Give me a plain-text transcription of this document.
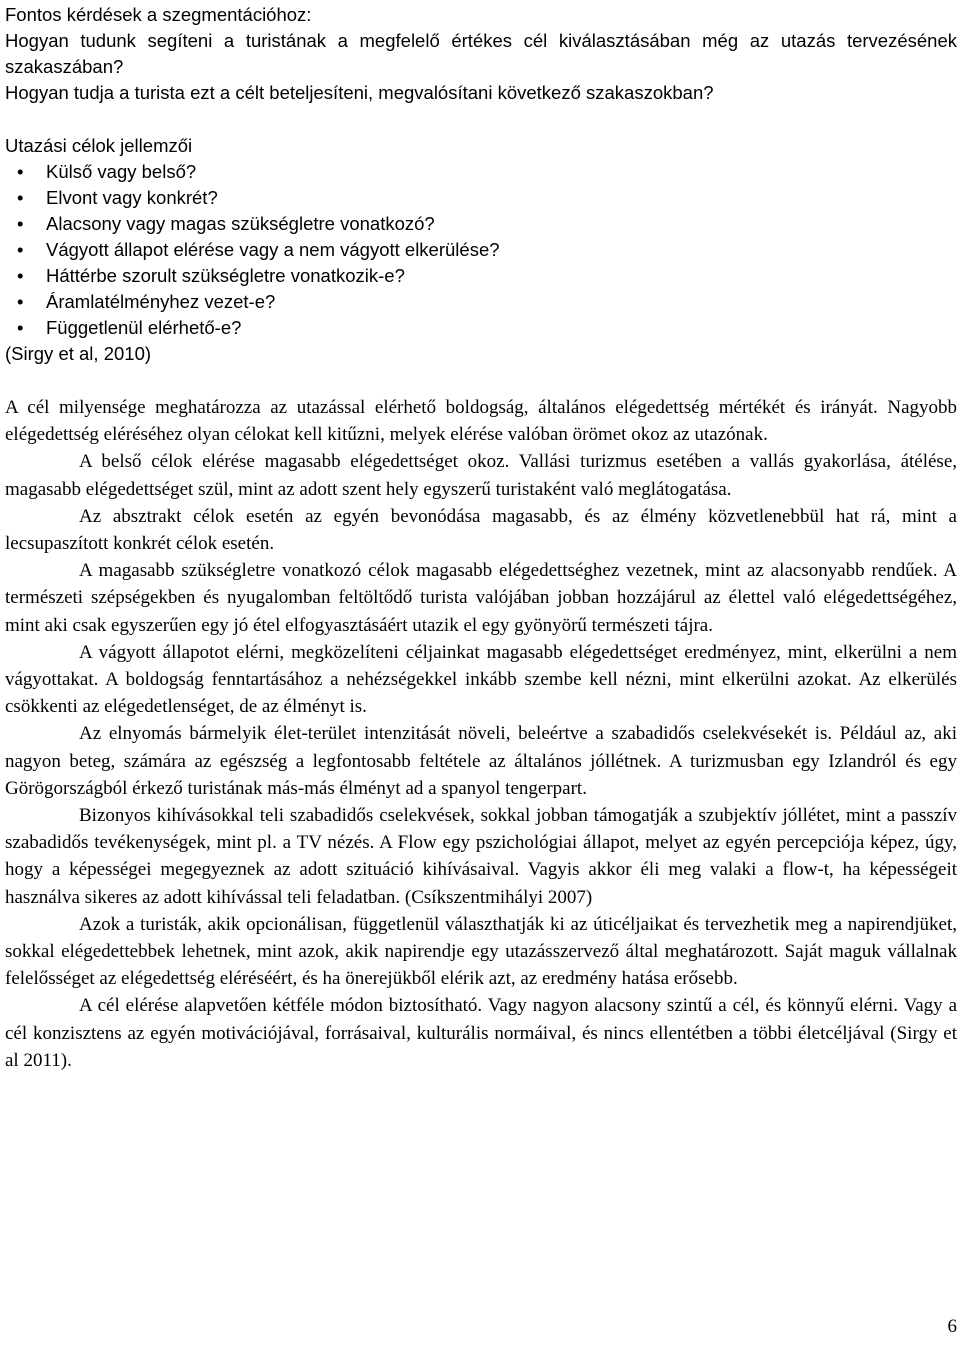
Fontos kérdések a szegmentációhoz:

Hogyan tudunk segíteni a turistának a megfelelő értékes cél kiválasztásában még az utazás tervezésének szakaszában?

Hogyan tudja a turista ezt a célt beteljesíteni, megvalósítani következő szakaszokban?
Utazási célok jellemzői
• Külső vagy belső?
• Elvont vagy konkrét?
• Alacsony vagy magas szükségletre vonatkozó?
• Vágyott állapot elérése vagy a nem vágyott elkerülése?
• Háttérbe szorult szükségletre vonatkozik-e?
• Áramlatélményhez vezet-e?
• Függetlenül elérhető-e?
(Sirgy et al, 2010)

A cél milyensége meghatározza az utazással elérhető boldogság, általános elégedettség mértékét és irányát. Nagyobb elégedettség eléréséhez olyan célokat kell kitűzni, melyek elérése valóban örömet okoz az utazónak.

A belső célok elérése magasabb elégedettséget okoz. Vallási turizmus esetében a vallás gyakorlása, átélése, magasabb elégedettséget szül, mint az adott szent hely egyszerű turistaként való meglátogatása.

Az absztrakt célok esetén az egyén bevonódása magasabb, és az élmény közvetlenebbül hat rá, mint a lecsupaszított konkrét célok esetén.

A magasabb szükségletre vonatkozó célok magasabb elégedettséghez vezetnek, mint az alacsonyabb rendűek. A természeti szépségekben és nyugalomban feltöltődő turista valójában jobban hozzájárul az élettel való elégedettségéhez, mint aki csak egyszerűen egy jó étel elfogyasztásáért utazik el egy gyönyörű természeti tájra.

A vágyott állapotot elérni, megközelíteni céljainkat magasabb elégedettséget eredményez, mint, elkerülni a nem vágyottakat. A boldogság fenntartásához a nehézségekkel inkább szembe kell nézni, mint elkerülni azokat. Az elkerülés csökkenti az elégedetlenséget, de az élményt is.

Az elnyomás bármelyik élet-terület intenzitását növeli, beleértve a szabadidős cselekvésekét is. Például az, aki nagyon beteg, számára az egészség a legfontosabb feltétele az általános jóllétnek. A turizmusban egy Izlandról és egy Görögországból érkező turistának más-más élményt ad a spanyol tengerpart.

Bizonyos kihívásokkal teli szabadidős cselekvések, sokkal jobban támogatják a szubjektív jóllétet, mint a passzív szabadidős tevékenységek, mint pl. a TV nézés. A Flow egy pszichológiai állapot, melyet az egyén percepciója képez, úgy, hogy a képességei megegyeznek az adott szituáció kihívásaival. Vagyis akkor éli meg valaki a flow-t, ha képességeit használva sikeres az adott kihívással teli feladatban. (Csíkszentmihályi 2007)

Azok a turisták, akik opcionálisan, függetlenül választhatják ki az úticéljaikat és tervezhetik meg a napirendjüket, sokkal elégedettebbek lehetnek, mint azok, akik napirendje egy utazásszervező által meghatározott. Saját maguk vállalnak felelősséget az elégedettség eléréséért, és ha önerejükből elérik azt, az eredmény hatása erősebb.

A cél elérése alapvetően kétféle módon biztosítható. Vagy nagyon alacsony szintű a cél, és könnyű elérni. Vagy a cél konzisztens az egyén motivációjával, forrásaival, kulturális normáival, és nincs ellentétben a többi életcéljával (Sirgy et al 2011).

6
